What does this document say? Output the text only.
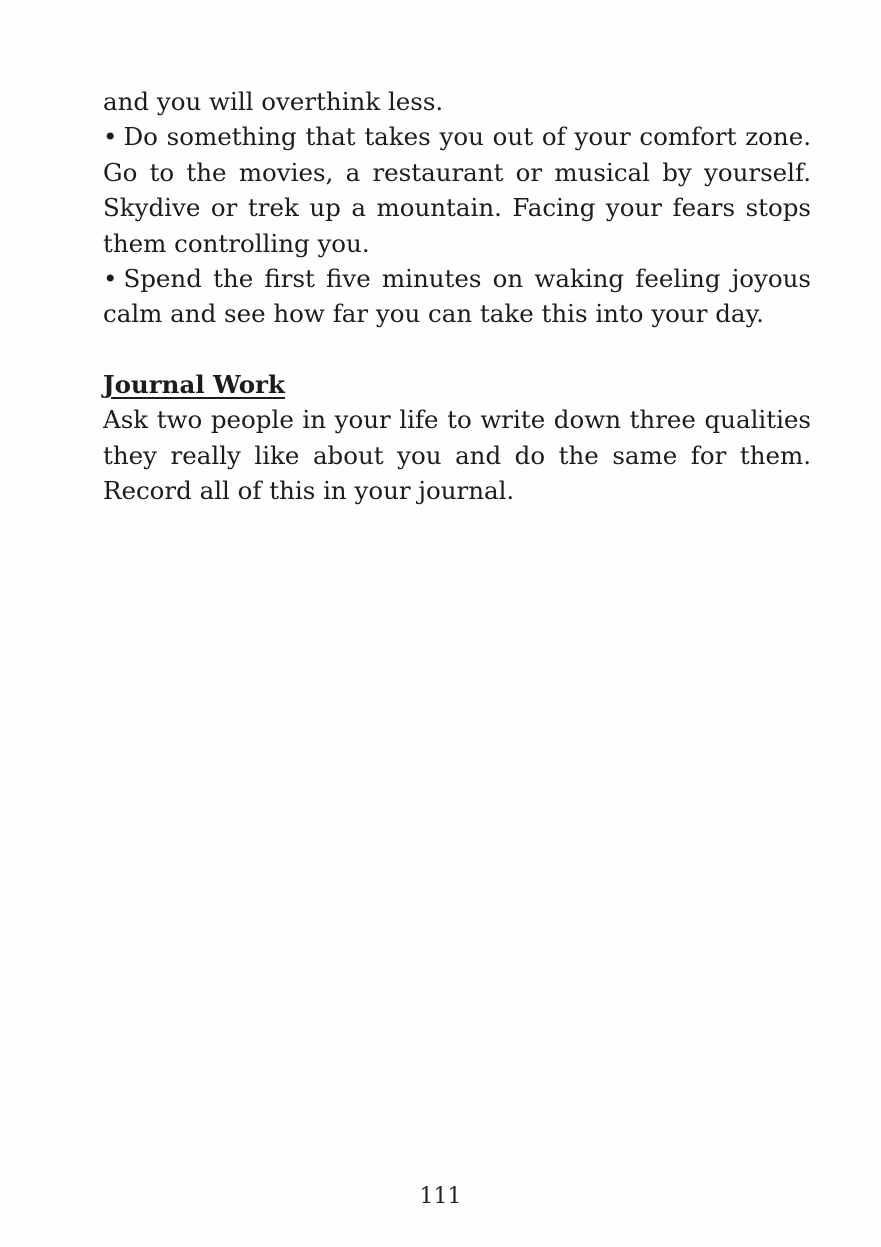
and you will overthink less.

• Do something that takes you out of your comfort zone. Go to the movies, a restaurant or musical by yourself. Skydive or trek up a mountain. Facing your fears stops them controlling you.

• Spend the first five minutes on waking feeling joyous calm and see how far you can take this into your day.

Journal Work

Ask two people in your life to write down three qualities they really like about you and do the same for them. Record all of this in your journal.

111
